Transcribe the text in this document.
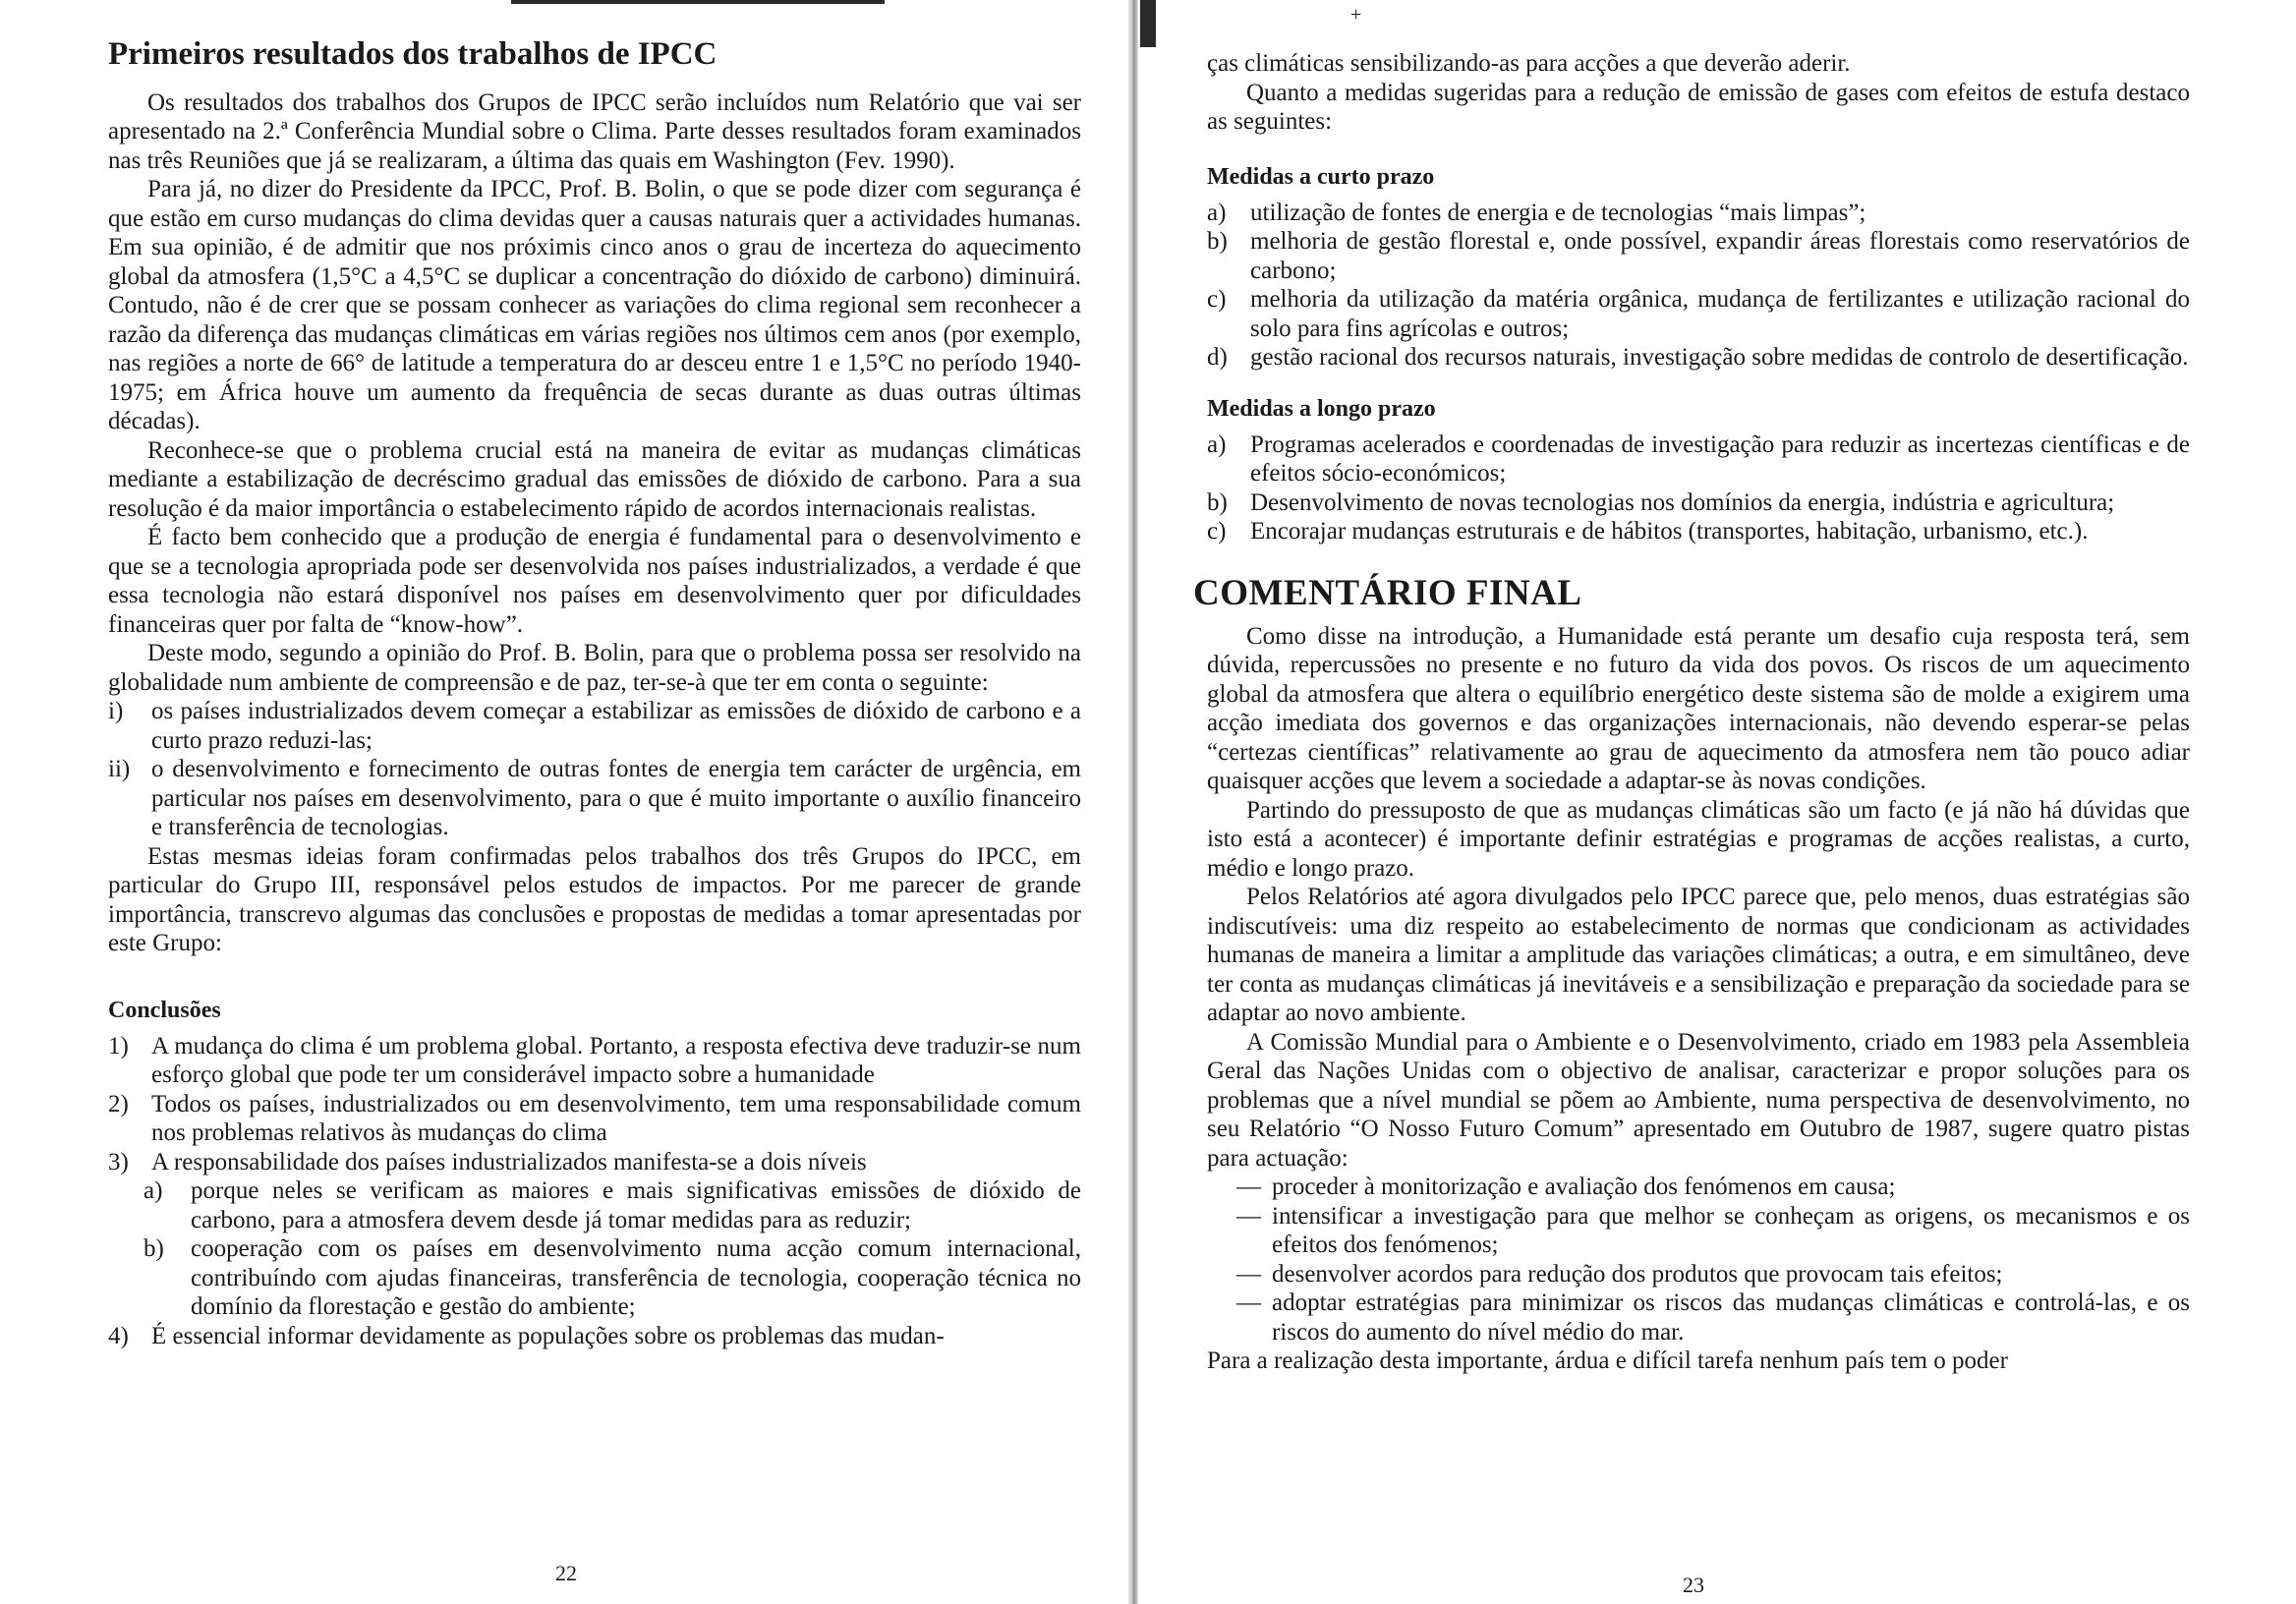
Primeiros resultados dos trabalhos de IPCC

Os resultados dos trabalhos dos Grupos de IPCC serão incluídos num Relatório que vai ser apresentado na 2.ª Conferência Mundial sobre o Clima. Parte desses resultados foram examinados nas três Reuniões que já se realizaram, a última das quais em Washington (Fev. 1990).

Para já, no dizer do Presidente da IPCC, Prof. B. Bolin, o que se pode dizer com segurança é que estão em curso mudanças do clima devidas quer a causas naturais quer a actividades humanas. Em sua opinião, é de admitir que nos próximis cinco anos o grau de incerteza do aquecimento global da atmosfera (1,5°C a 4,5°C se duplicar a concentração do dióxido de carbono) diminuirá. Contudo, não é de crer que se possam conhecer as variações do clima regional sem reconhecer a razão da diferença das mudanças climáticas em várias regiões nos últimos cem anos (por exemplo, nas regiões a norte de 66° de latitude a temperatura do ar desceu entre 1 e 1,5°C no período 1940-1975; em África houve um aumento da frequência de secas durante as duas outras últimas décadas).

Reconhece-se que o problema crucial está na maneira de evitar as mudanças climáticas mediante a estabilização de decréscimo gradual das emissões de dióxido de carbono. Para a sua resolução é da maior importância o estabelecimento rápido de acordos internacionais realistas.

É facto bem conhecido que a produção de energia é fundamental para o desenvolvimento e que se a tecnologia apropriada pode ser desenvolvida nos países industrializados, a verdade é que essa tecnologia não estará disponível nos países em desenvolvimento quer por dificuldades financeiras quer por falta de “know-how”.

Deste modo, segundo a opinião do Prof. B. Bolin, para que o problema possa ser resolvido na globalidade num ambiente de compreensão e de paz, ter-se-à que ter em conta o seguinte:

i) os países industrializados devem começar a estabilizar as emissões de dióxido de carbono e a curto prazo reduzi-las;
ii) o desenvolvimento e fornecimento de outras fontes de energia tem carácter de urgência, em particular nos países em desenvolvimento, para o que é muito importante o auxílio financeiro e transferência de tecnologias.

Estas mesmas ideias foram confirmadas pelos trabalhos dos três Grupos do IPCC, em particular do Grupo III, responsável pelos estudos de impactos. Por me parecer de grande importância, transcrevo algumas das conclusões e propostas de medidas a tomar apresentadas por este Grupo:

Conclusões
1) A mudança do clima é um problema global. Portanto, a resposta efectiva deve traduzir-se num esforço global que pode ter um considerável impacto sobre a humanidade
2) Todos os países, industrializados ou em desenvolvimento, tem uma responsabilidade comum nos problemas relativos às mudanças do clima
3) A responsabilidade dos países industrializados manifesta-se a dois níveis
a) porque neles se verificam as maiores e mais significativas emissões de dióxido de carbono, para a atmosfera devem desde já tomar medidas para as reduzir;
b) cooperação com os países em desenvolvimento numa acção comum internacional, contribuíndo com ajudas financeiras, transferência de tecnologia, cooperação técnica no domínio da florestação e gestão do ambiente;
4) É essencial informar devidamente as populações sobre os problemas das mudan-
22
+

ças climáticas sensibilizando-as para acções a que deverão aderir.

Quanto a medidas sugeridas para a redução de emissão de gases com efeitos de estufa destaco as seguintes:

Medidas a curto prazo
a) utilização de fontes de energia e de tecnologias “mais limpas”;
b) melhoria de gestão florestal e, onde possível, expandir áreas florestais como reservatórios de carbono;
c) melhoria da utilização da matéria orgânica, mudança de fertilizantes e utilização racional do solo para fins agrícolas e outros;
d) gestão racional dos recursos naturais, investigação sobre medidas de controlo de desertificação.
Medidas a longo prazo
a) Programas acelerados e coordenadas de investigação para reduzir as incertezas científicas e de efeitos sócio-económicos;
b) Desenvolvimento de novas tecnologias nos domínios da energia, indústria e agricultura;
c) Encorajar mudanças estruturais e de hábitos (transportes, habitação, urbanismo, etc.).
COMENTÁRIO FINAL

Como disse na introdução, a Humanidade está perante um desafio cuja resposta terá, sem dúvida, repercussões no presente e no futuro da vida dos povos. Os riscos de um aquecimento global da atmosfera que altera o equilíbrio energético deste sistema são de molde a exigirem uma acção imediata dos governos e das organizações internacionais, não devendo esperar-se pelas “certezas científicas” relativamente ao grau de aquecimento da atmosfera nem tão pouco adiar quaisquer acções que levem a sociedade a adaptar-se às novas condições.

Partindo do pressuposto de que as mudanças climáticas são um facto (e já não há dúvidas que isto está a acontecer) é importante definir estratégias e programas de acções realistas, a curto, médio e longo prazo.

Pelos Relatórios até agora divulgados pelo IPCC parece que, pelo menos, duas estratégias são indiscutíveis: uma diz respeito ao estabelecimento de normas que condicionam as actividades humanas de maneira a limitar a amplitude das variações climáticas; a outra, e em simultâneo, deve ter conta as mudanças climáticas já inevitáveis e a sensibilização e preparação da sociedade para se adaptar ao novo ambiente.

A Comissão Mundial para o Ambiente e o Desenvolvimento, criado em 1983 pela Assembleia Geral das Nações Unidas com o objectivo de analisar, caracterizar e propor soluções para os problemas que a nível mundial se põem ao Ambiente, numa perspectiva de desenvolvimento, no seu Relatório “O Nosso Futuro Comum” apresentado em Outubro de 1987, sugere quatro pistas para actuação:

— proceder à monitorização e avaliação dos fenómenos em causa;
— intensificar a investigação para que melhor se conheçam as origens, os mecanismos e os efeitos dos fenómenos;
— desenvolver acordos para redução dos produtos que provocam tais efeitos;
— adoptar estratégias para minimizar os riscos das mudanças climáticas e controlá-las, e os riscos do aumento do nível médio do mar.

Para a realização desta importante, árdua e difícil tarefa nenhum país tem o poder

23
